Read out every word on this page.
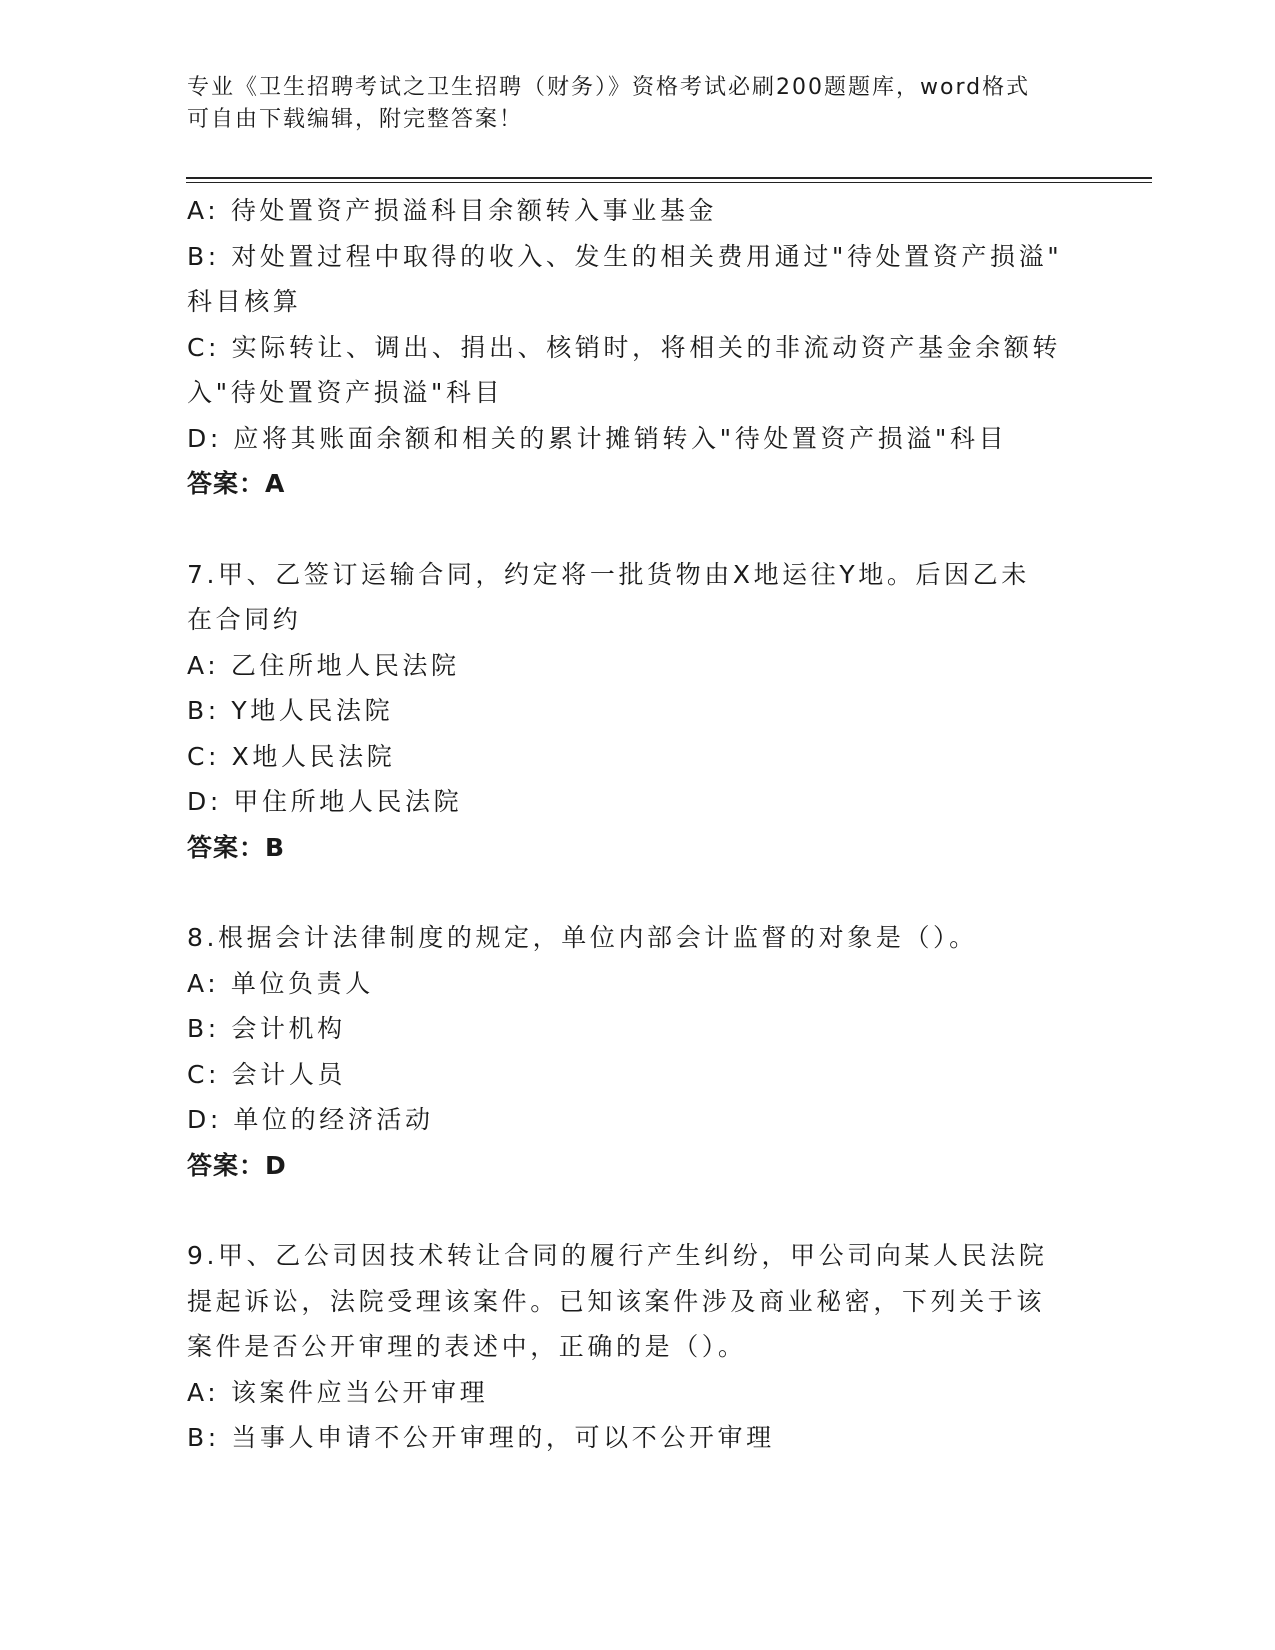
专业《卫生招聘考试之卫生招聘（财务）》资格考试必刷200题题库，word格式
可自由下载编辑，附完整答案！
A: 待处置资产损溢科目余额转入事业基金
B: 对处置过程中取得的收入、发生的相关费用通过"待处置资产损溢"
科目核算
C: 实际转让、调出、捐出、核销时，将相关的非流动资产基金余额转
入"待处置资产损溢"科目
D: 应将其账面余额和相关的累计摊销转入"待处置资产损溢"科目
答案：A
7.甲、乙签订运输合同，约定将一批货物由X地运往Y地。后因乙未
在合同约
A: 乙住所地人民法院
B: Y地人民法院
C: X地人民法院
D: 甲住所地人民法院
答案：B
8.根据会计法律制度的规定，单位内部会计监督的对象是（）。
A: 单位负责人
B: 会计机构
C: 会计人员
D: 单位的经济活动
答案：D
9.甲、乙公司因技术转让合同的履行产生纠纷，甲公司向某人民法院
提起诉讼，法院受理该案件。已知该案件涉及商业秘密，下列关于该
案件是否公开审理的表述中，正确的是（）。
A: 该案件应当公开审理
B: 当事人申请不公开审理的，可以不公开审理
